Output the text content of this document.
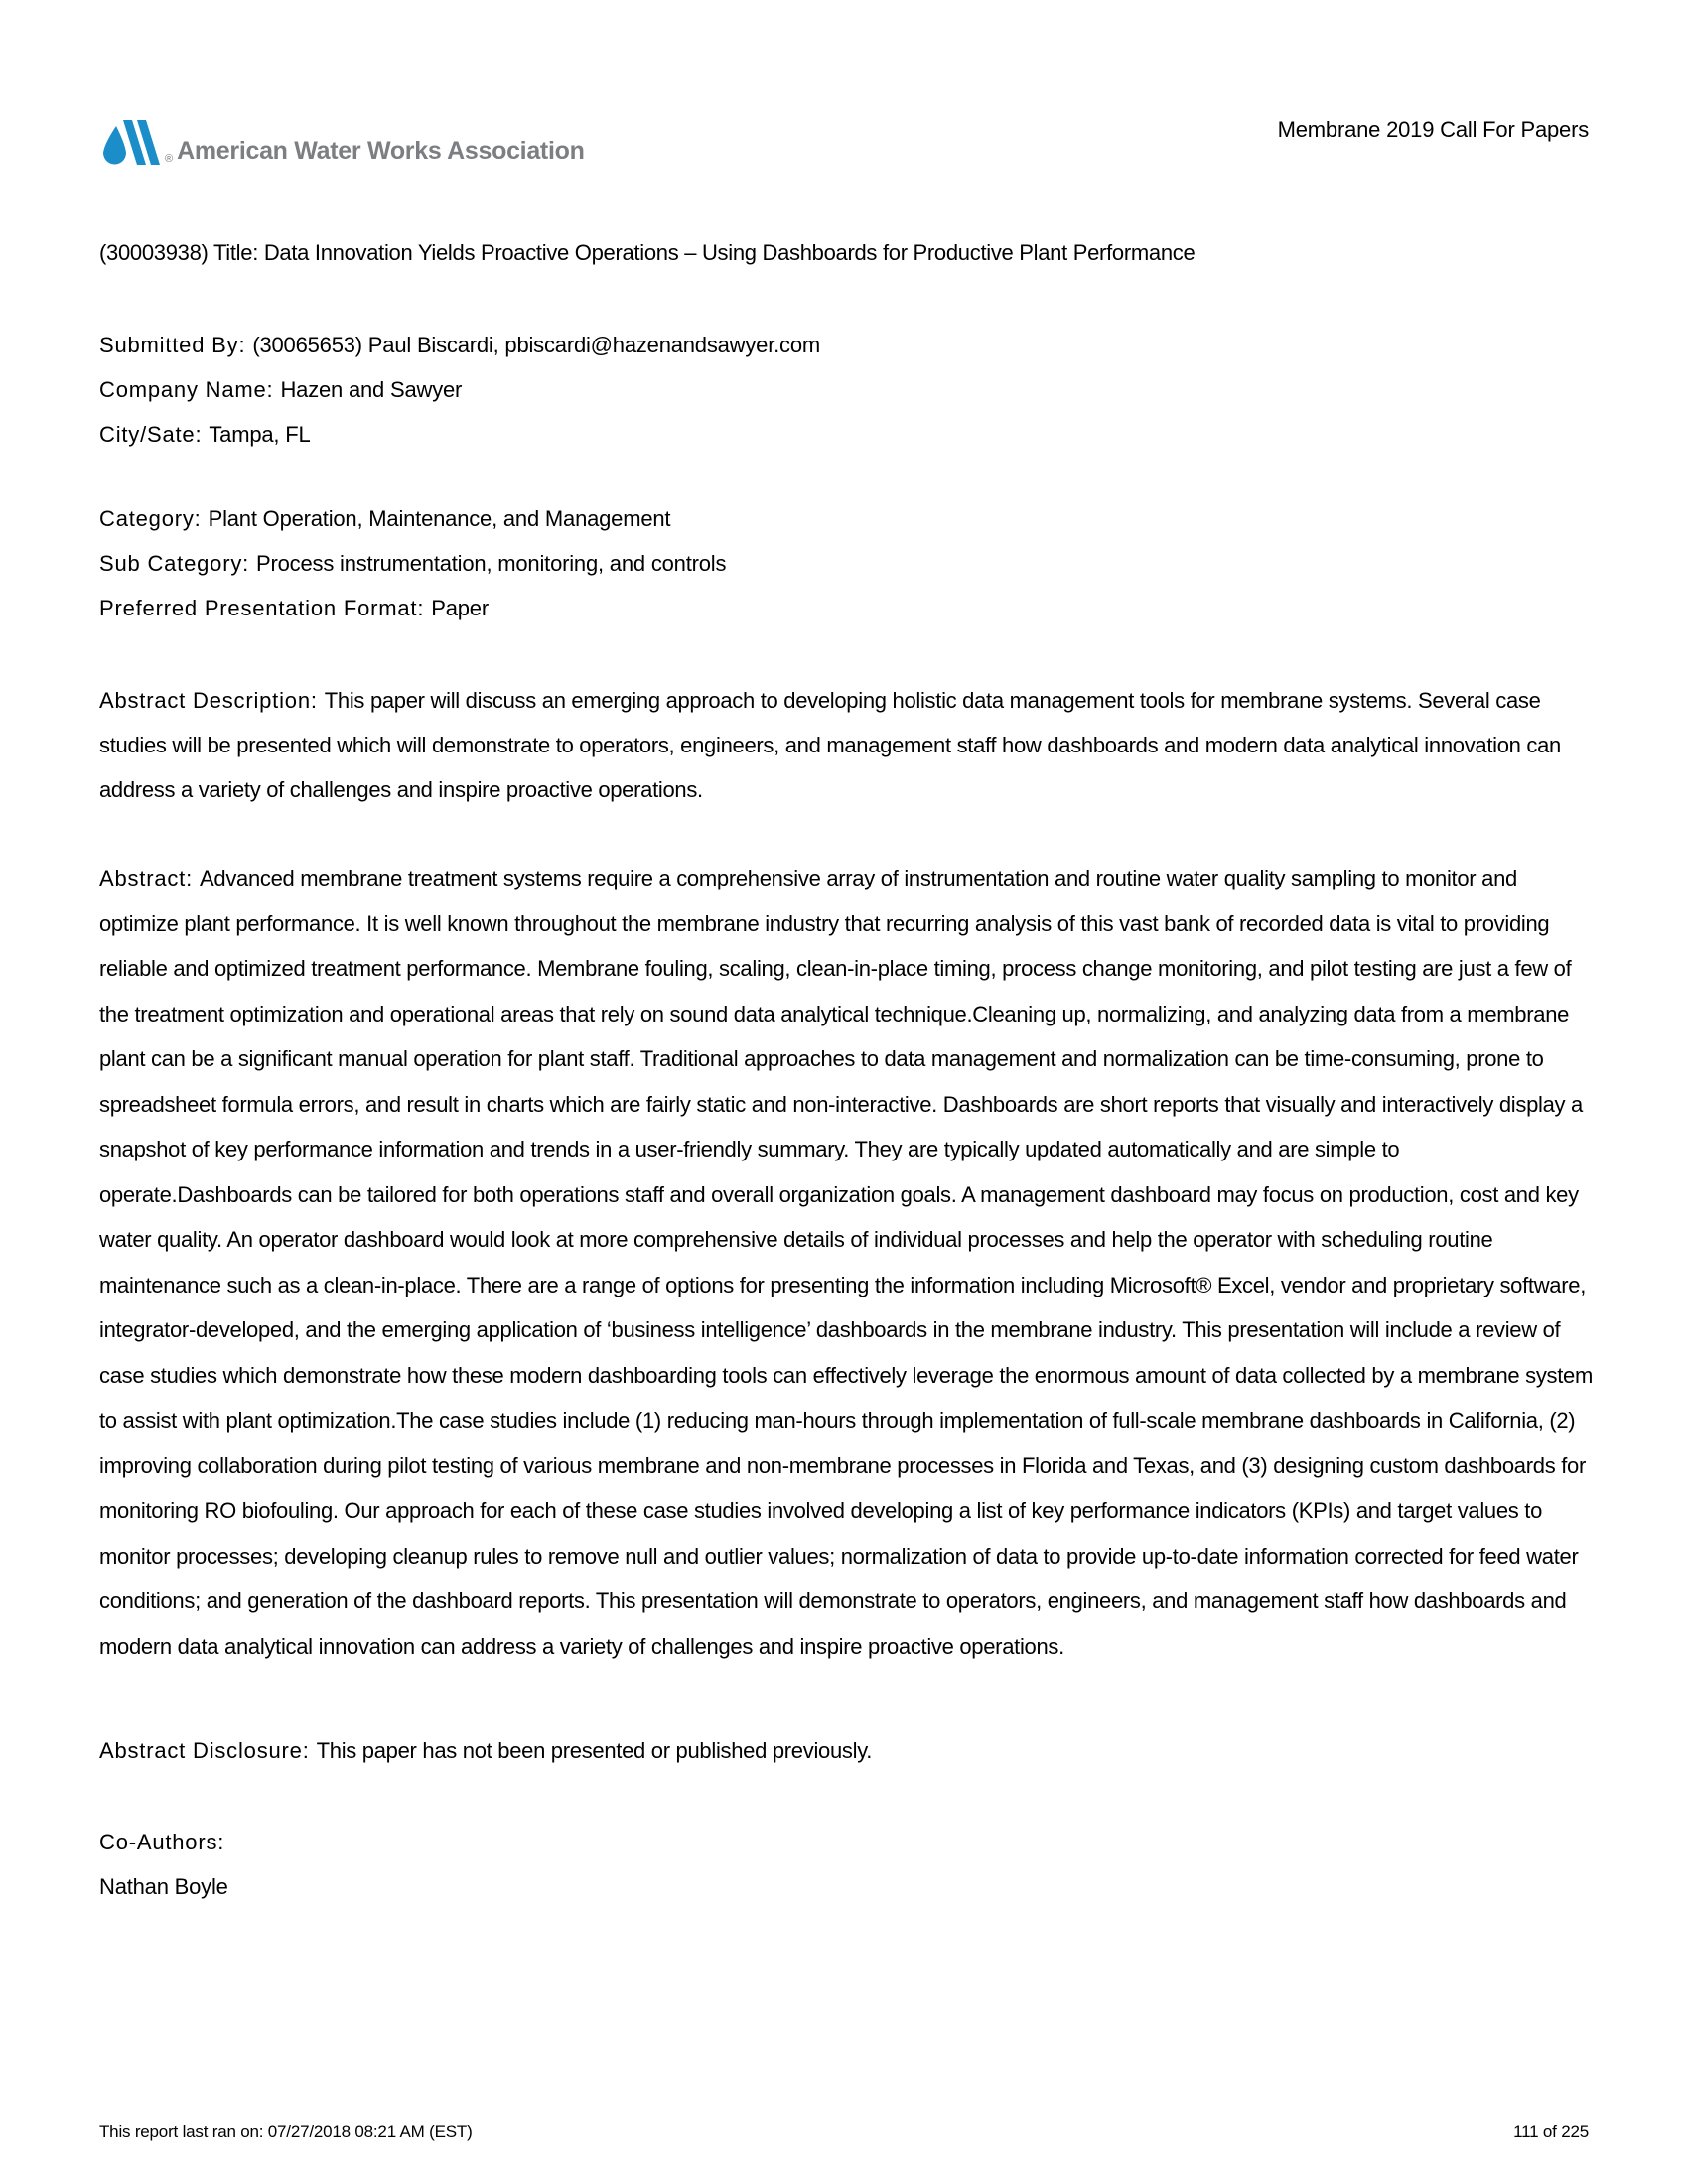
® American Water Works Association
Membrane 2019 Call For Papers

(30003938) Title: Data Innovation Yields Proactive Operations – Using Dashboards for Productive Plant Performance

Submitted By: (30065653) Paul Biscardi, pbiscardi@hazenandsawyer.com

Company Name: Hazen and Sawyer

City/Sate: Tampa, FL

Category: Plant Operation, Maintenance, and Management

Sub Category: Process instrumentation, monitoring, and controls

Preferred Presentation Format: Paper

Abstract Description: This paper will discuss an emerging approach to developing holistic data management tools for membrane systems. Several case studies will be presented which will demonstrate to operators, engineers, and management staff how dashboards and modern data analytical innovation can address a variety of challenges and inspire proactive operations.

Abstract: Advanced membrane treatment systems require a comprehensive array of instrumentation and routine water quality sampling to monitor and optimize plant performance. It is well known throughout the membrane industry that recurring analysis of this vast bank of recorded data is vital to providing reliable and optimized treatment performance. Membrane fouling, scaling, clean-in-place timing, process change monitoring, and pilot testing are just a few of the treatment optimization and operational areas that rely on sound data analytical technique.Cleaning up, normalizing, and analyzing data from a membrane plant can be a significant manual operation for plant staff. Traditional approaches to data management and normalization can be time-consuming, prone to spreadsheet formula errors, and result in charts which are fairly static and non-interactive. Dashboards are short reports that visually and interactively display a snapshot of key performance information and trends in a user-friendly summary. They are typically updated automatically and are simple to operate.Dashboards can be tailored for both operations staff and overall organization goals. A management dashboard may focus on production, cost and key water quality. An operator dashboard would look at more comprehensive details of individual processes and help the operator with scheduling routine maintenance such as a clean-in-place. There are a range of options for presenting the information including Microsoft® Excel, vendor and proprietary software, integrator-developed, and the emerging application of ‘business intelligence’ dashboards in the membrane industry. This presentation will include a review of case studies which demonstrate how these modern dashboarding tools can effectively leverage the enormous amount of data collected by a membrane system to assist with plant optimization.The case studies include (1) reducing man-hours through implementation of full-scale membrane dashboards in California, (2) improving collaboration during pilot testing of various membrane and non-membrane processes in Florida and Texas, and (3) designing custom dashboards for monitoring RO biofouling. Our approach for each of these case studies involved developing a list of key performance indicators (KPIs) and target values to monitor processes; developing cleanup rules to remove null and outlier values; normalization of data to provide up-to-date information corrected for feed water conditions; and generation of the dashboard reports. This presentation will demonstrate to operators, engineers, and management staff how dashboards and modern data analytical innovation can address a variety of challenges and inspire proactive operations.

Abstract Disclosure: This paper has not been presented or published previously.

Co-Authors:

Nathan Boyle

This report last ran on: 07/27/2018 08:21 AM (EST)	111 of 225
